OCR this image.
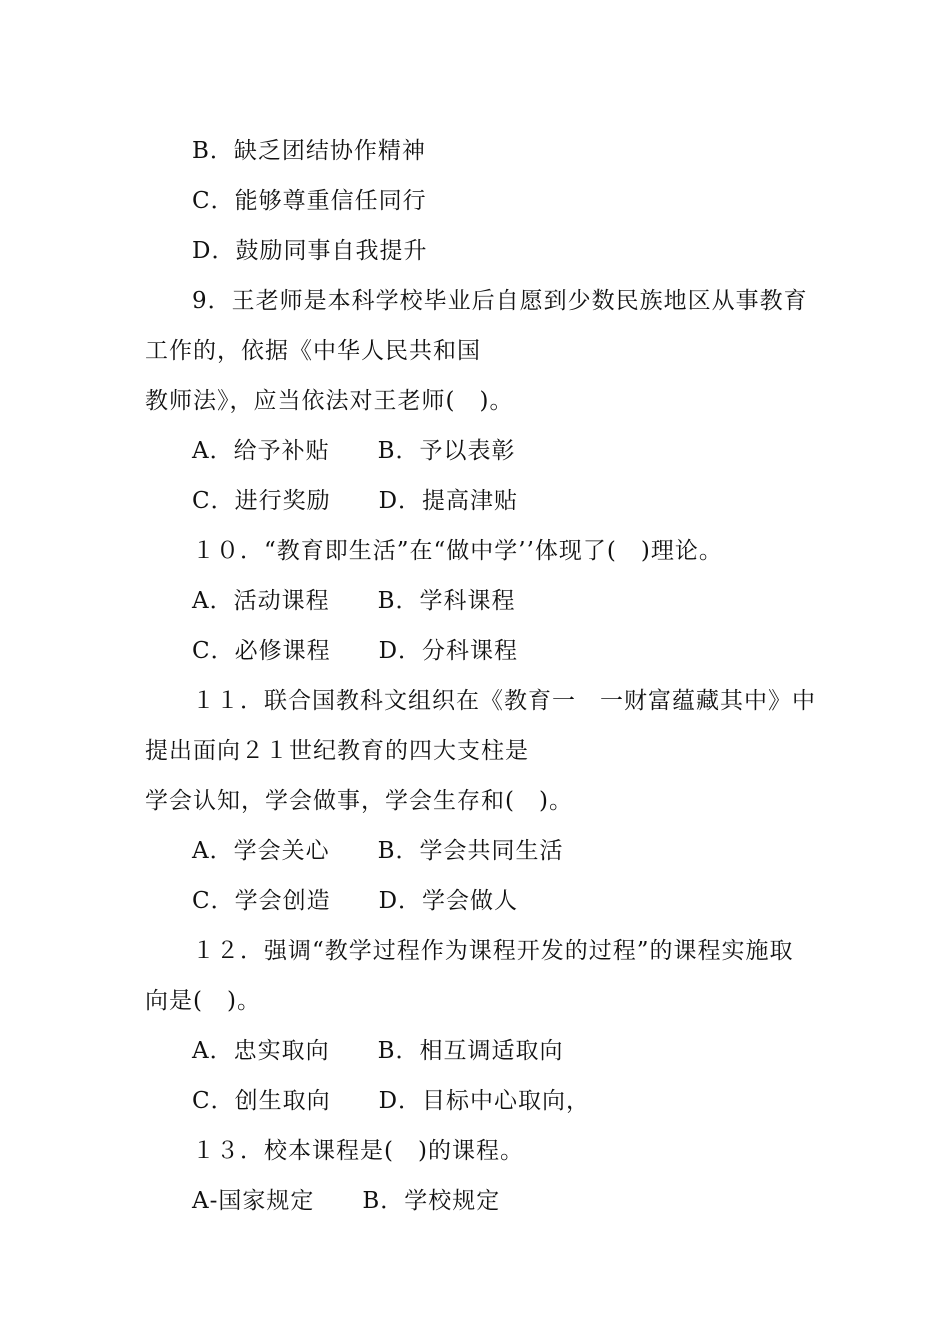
B．缺乏团结协作精神
C．能够尊重信任同行
D．鼓励同事自我提升
9．王老师是本科学校毕业后自愿到少数民族地区从事教育
工作的，依据《中华人民共和国
教师法》，应当依法对王老师(　)。
A．给予补贴　　B．予以表彰
C．进行奖励　　D．提高津贴
１０．“教育即生活”在“做中学’’体现了(　)理论。
A．活动课程　　B．学科课程
C．必修课程　　D．分科课程
１１．联合国教科文组织在《教育一　一财富蕴藏其中》中
提出面向２１世纪教育的四大支柱是
学会认知，学会做事，学会生存和(　)。
A．学会关心　　B．学会共同生活
C．学会创造　　D．学会做人
１２．强调“教学过程作为课程开发的过程”的课程实施取
向是(　)。
A．忠实取向　　B．相互调适取向
C．创生取向　　D．目标中心取向，
１３．校本课程是(　)的课程。
A-国家规定　　B．学校规定
